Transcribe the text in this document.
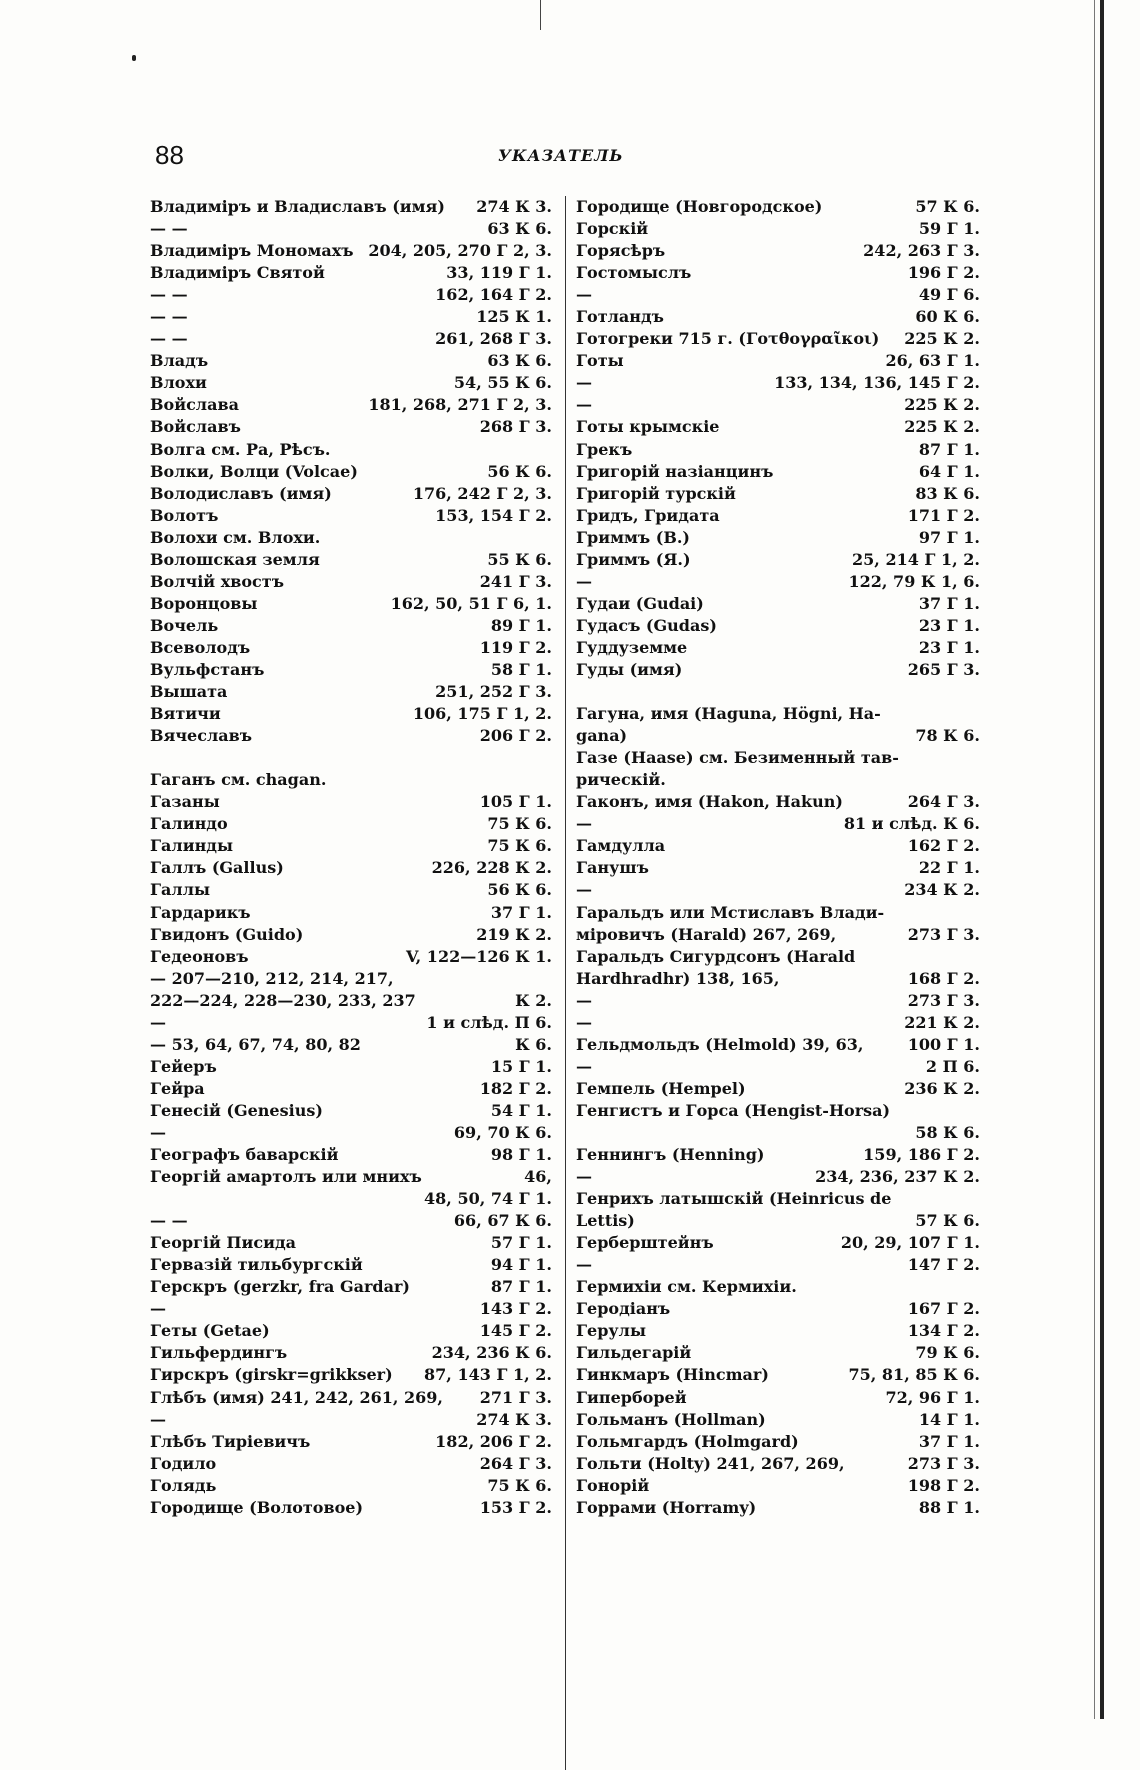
88	УКАЗАТЕЛЬ
Владиміръ и Владиславъ (имя)	274 К 3.
— —	63 К 6.
Владиміръ Мономахъ 204, 205, 270 Г 2, 3.
Владиміръ Святой	33, 119 Г 1.
— —	162, 164 Г 2.
— —	125 К 1.
— —	261, 268 Г 3.
Владъ	63 К 6.
Влохи	54, 55 К 6.
Войслава	181, 268, 271 Г 2, 3.
Войславъ	268 Г 3.
Волга см. Ра, Рѣсъ.
Волки, Волци (Volcae)	56 К 6.
Володиславъ (имя)	176, 242 Г 2, 3.
Волотъ	153, 154 Г 2.
Волохи см. Влохи.
Волошская земля	55 К 6.
Волчій хвостъ	241 Г 3.
Воронцовы	162, 50, 51 Г 6, 1.
Вочель	89 Г 1.
Всеволодъ	119 Г 2.
Вульфстанъ	58 Г 1.
Вышата	251, 252 Г 3.
Вятичи	106, 175 Г 1, 2.
Вячеславъ	206 Г 2.
Гаганъ см. chagan.
Газаны	105 Г 1.
Галиндо	75 К 6.
Галинды	75 К 6.
Галлъ (Gallus)	226, 228 К 2.
Галлы	56 К 6.
Гардарикъ	37 Г 1.
Гвидонъ (Guido)	219 К 2.
Гедеоновъ	V, 122—126 К 1.
— 207—210, 212, 214, 217,
222—224, 228—230, 233, 237	К 2.
—	1 и слѣд. П 6.
— 53, 64, 67, 74, 80, 82	К 6.
Гейеръ	15 Г 1.
Гейра	182 Г 2.
Генесій (Genesius)	54 Г 1.
—	69, 70 К 6.
Географъ баварскій	98 Г 1.
Георгій амартолъ или мнихъ	46,
48, 50, 74 Г 1.
— —	66, 67 К 6.
Георгій Писида	57 Г 1.
Гервазій тильбургскій	94 Г 1.
Герскръ (gerzkr, fra Gardar)	87 Г 1.
—	143 Г 2.
Геты (Getae)	145 Г 2.
Гильфердингъ	234, 236 К 6.
Гирскръ (girskr=grikkser)	87, 143 Г 1, 2.
Глѣбъ (имя) 241, 242, 261, 269,	271 Г 3.
—	274 К 3.
Глѣбъ Тиріевичъ	182, 206 Г 2.
Годило	264 Г 3.
Голядь	75 К 6.
Городище (Волотовое)	153 Г 2.
Городище (Новгородское)	57 К 6.
Горскій	59 Г 1.
Горясѣръ	242, 263 Г 3.
Гостомыслъ	196 Г 2.
—	49 Г 6.
Готландъ	60 К 6.
Готогреки 715 г. (Γοτθογραῖκοι)	225 К 2.
Готы	26, 63 Г 1.
—	133, 134, 136, 145 Г 2.
—	225 К 2.
Готы крымскіе	225 К 2.
Грекъ	87 Г 1.
Григорій назіанцинъ	64 Г 1.
Григорій турскій	83 К 6.
Гридъ, Гридата	171 Г 2.
Гриммъ (В.)	97 Г 1.
Гриммъ (Я.)	25, 214 Г 1, 2.
—	122, 79 К 1, 6.
Гудаи (Gudai)	37 Г 1.
Гудасъ (Gudas)	23 Г 1.
Гуддуземме	23 Г 1.
Гуды (имя)	265 Г 3.
Гагуна, имя (Haguna, Högni, Ha-
gana)	78 К 6.
Газе (Haase) см. Безименный тав-
рическій.
Гаконъ, имя (Hakon, Hakun)	264 Г 3.
—	81 и слѣд. К 6.
Гамдулла	162 Г 2.
Ганушъ	22 Г 1.
—	234 К 2.
Гаральдъ или Мстиславъ Влади-
міровичъ (Harald) 267, 269,	273 Г 3.
Гаральдъ Сигурдсонъ (Harald
Hardhradhr) 138, 165,	168 Г 2.
—	273 Г 3.
—	221 К 2.
Гельдмольдъ (Helmold) 39, 63,	100 Г 1.
—	2 П 6.
Гемпель (Hempel)	236 К 2.
Генгистъ и Горса (Hengist-Horsa)
58 К 6.
Геннингъ (Henning)	159, 186 Г 2.
—	234, 236, 237 К 2.
Генрихъ латышскій (Heinricus de
Lettis)	57 К 6.
Герберштейнъ	20, 29, 107 Г 1.
—	147 Г 2.
Гермихіи см. Кермихіи.
Геродіанъ	167 Г 2.
Герулы	134 Г 2.
Гильдегарій	79 К 6.
Гинкмаръ (Hincmar)	75, 81, 85 К 6.
Гиперборей	72, 96 Г 1.
Гольманъ (Hollman)	14 Г 1.
Гольмгардъ (Holmgard)	37 Г 1.
Гольти (Holty) 241, 267, 269,	273 Г 3.
Гонорій	198 Г 2.
Горрами (Horramy)	88 Г 1.
